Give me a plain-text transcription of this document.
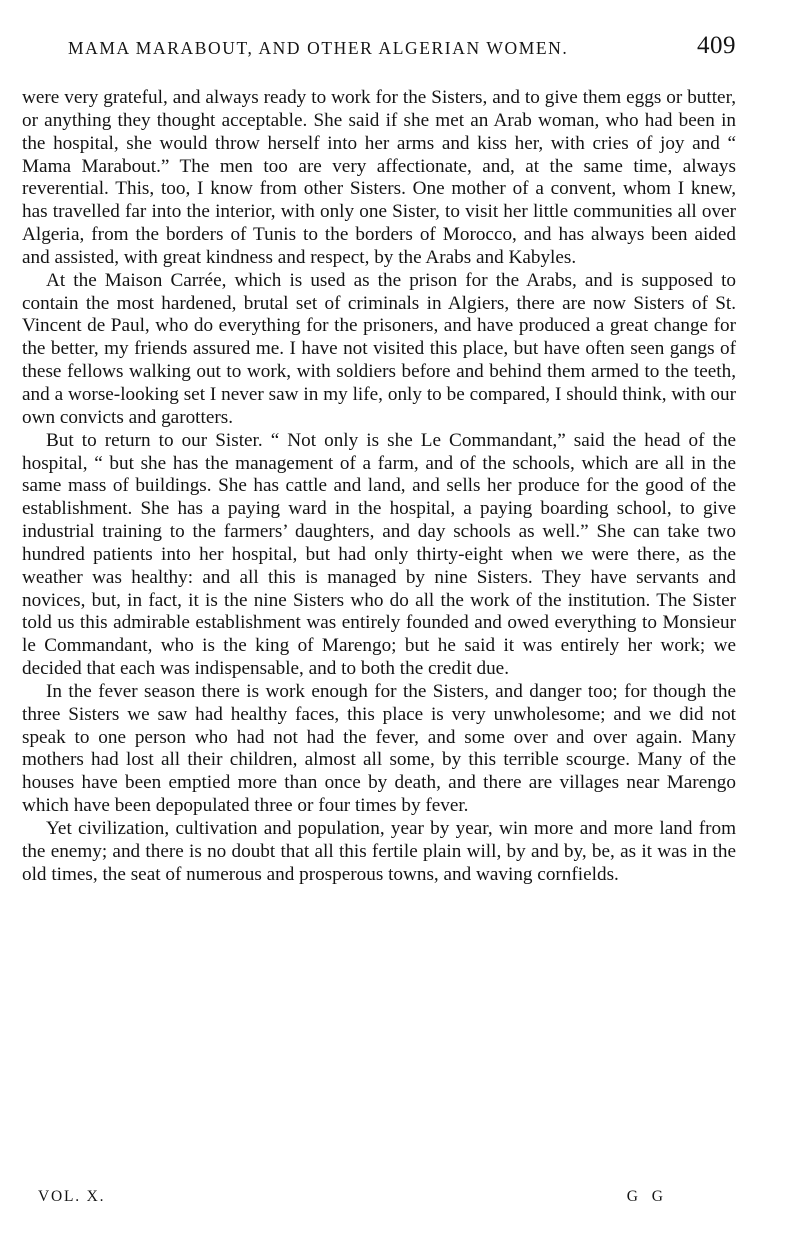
MAMA MARABOUT, AND OTHER ALGERIAN WOMEN.	409

were very grateful, and always ready to work for the Sisters, and to give them eggs or butter, or anything they thought acceptable. She said if she met an Arab woman, who had been in the hospital, she would throw herself into her arms and kiss her, with cries of joy and “ Mama Marabout.” The men too are very affectionate, and, at the same time, always reverential. This, too, I know from other Sisters. One mother of a convent, whom I knew, has travelled far into the interior, with only one Sister, to visit her little communities all over Algeria, from the borders of Tunis to the borders of Morocco, and has always been aided and assisted, with great kindness and respect, by the Arabs and Kabyles.

At the Maison Carrée, which is used as the prison for the Arabs, and is supposed to contain the most hardened, brutal set of criminals in Algiers, there are now Sisters of St. Vincent de Paul, who do everything for the prisoners, and have produced a great change for the better, my friends assured me. I have not visited this place, but have often seen gangs of these fellows walking out to work, with soldiers before and behind them armed to the teeth, and a worse-looking set I never saw in my life, only to be compared, I should think, with our own convicts and garotters.

But to return to our Sister. “ Not only is she Le Commandant,” said the head of the hospital, “ but she has the management of a farm, and of the schools, which are all in the same mass of buildings. She has cattle and land, and sells her produce for the good of the establishment. She has a paying ward in the hospital, a paying boarding school, to give industrial training to the farmers’ daughters, and day schools as well.” She can take two hundred patients into her hospital, but had only thirty-eight when we were there, as the weather was healthy: and all this is managed by nine Sisters. They have servants and novices, but, in fact, it is the nine Sisters who do all the work of the institution. The Sister told us this admirable establishment was entirely founded and owed everything to Monsieur le Commandant, who is the king of Marengo; but he said it was entirely her work; we decided that each was indispensable, and to both the credit due.

In the fever season there is work enough for the Sisters, and danger too; for though the three Sisters we saw had healthy faces, this place is very unwholesome; and we did not speak to one person who had not had the fever, and some over and over again. Many mothers had lost all their children, almost all some, by this terrible scourge. Many of the houses have been emptied more than once by death, and there are villages near Marengo which have been depopulated three or four times by fever.

Yet civilization, cultivation and population, year by year, win more and more land from the enemy; and there is no doubt that all this fertile plain will, by and by, be, as it was in the old times, the seat of numerous and prosperous towns, and waving cornfields.

VOL. X.	G G
